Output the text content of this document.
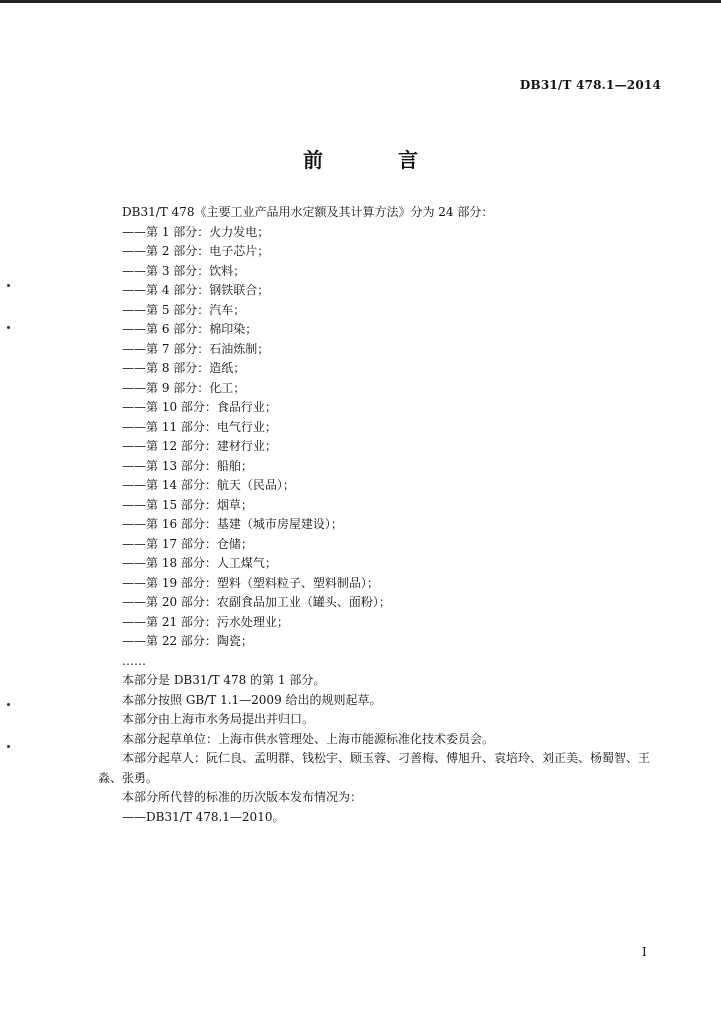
DB31/T 478.1—2014
前 言
DB31/T 478《主要工业产品用水定额及其计算方法》分为 24 部分：
——第 1 部分：火力发电；
——第 2 部分：电子芯片；
——第 3 部分：饮料；
——第 4 部分：钢铁联合；
——第 5 部分：汽车；
——第 6 部分：棉印染；
——第 7 部分：石油炼制；
——第 8 部分：造纸；
——第 9 部分：化工；
——第 10 部分：食品行业；
——第 11 部分：电气行业；
——第 12 部分：建材行业；
——第 13 部分：船舶；
——第 14 部分：航天（民品）；
——第 15 部分：烟草；
——第 16 部分：基建（城市房屋建设）；
——第 17 部分：仓储；
——第 18 部分：人工煤气；
——第 19 部分：塑料（塑料粒子、塑料制品）；
——第 20 部分：农副食品加工业（罐头、面粉）；
——第 21 部分：污水处理业；
——第 22 部分：陶瓷；
……
本部分是 DB31/T 478 的第 1 部分。
本部分按照 GB/T 1.1—2009 给出的规则起草。
本部分由上海市水务局提出并归口。
本部分起草单位：上海市供水管理处、上海市能源标准化技术委员会。
本部分起草人：阮仁良、孟明群、钱松宇、顾玉蓉、刁善梅、傅旭升、袁培玲、刘正美、杨蜀智、王淼、张勇。
本部分所代替的标准的历次版本发布情况为：
——DB31/T 478.1—2010。
I
